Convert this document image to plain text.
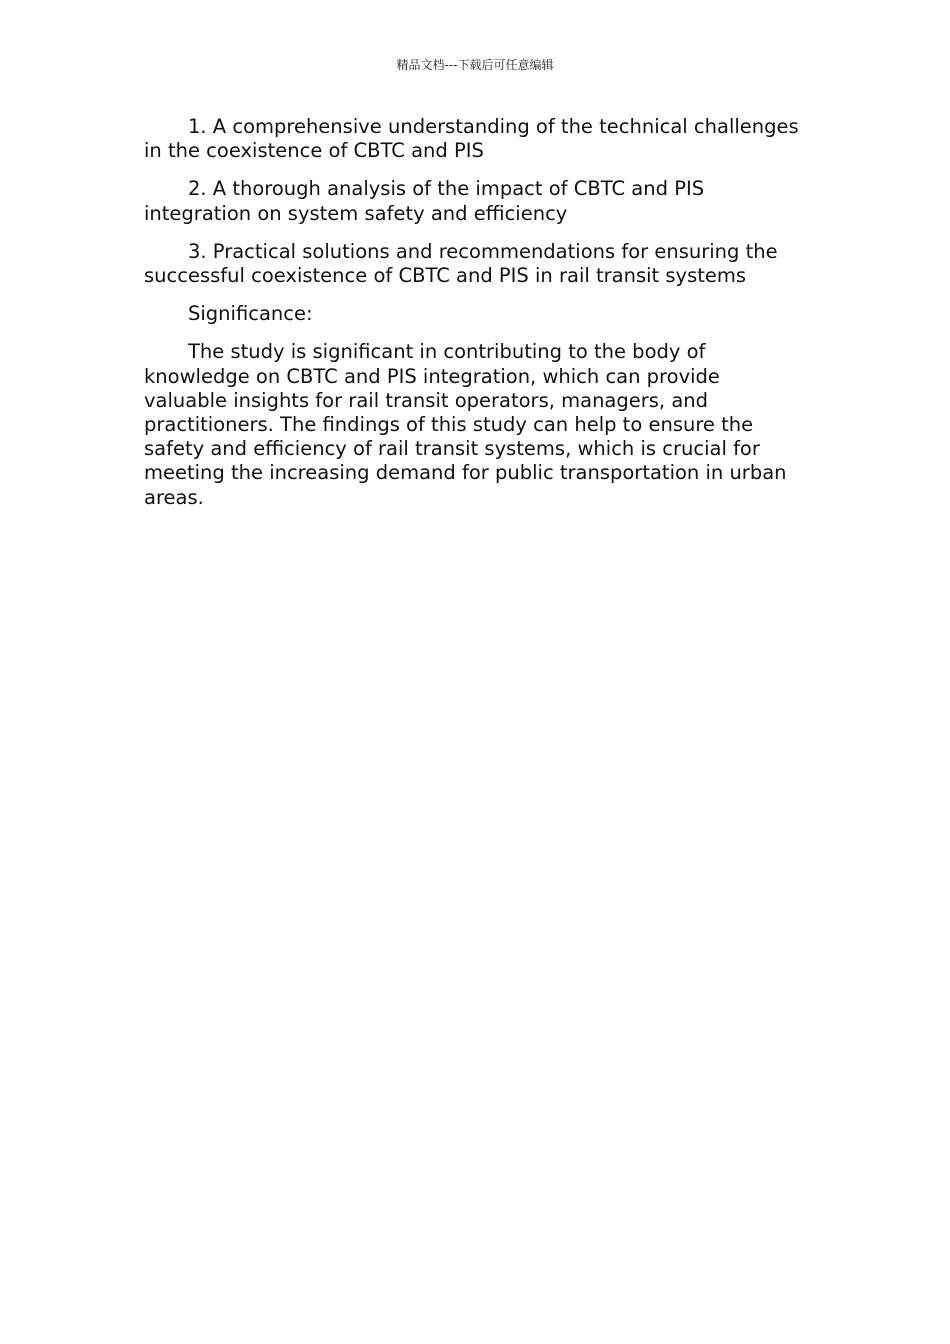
精品文档---下载后可任意编辑

1. A comprehensive understanding of the technical challenges in the coexistence of CBTC and PIS

2. A thorough analysis of the impact of CBTC and PIS integration on system safety and efficiency

3. Practical solutions and recommendations for ensuring the successful coexistence of CBTC and PIS in rail transit systems

Significance:

The study is significant in contributing to the body of knowledge on CBTC and PIS integration, which can provide valuable insights for rail transit operators, managers, and practitioners. The findings of this study can help to ensure the safety and efficiency of rail transit systems, which is crucial for meeting the increasing demand for public transportation in urban areas.
